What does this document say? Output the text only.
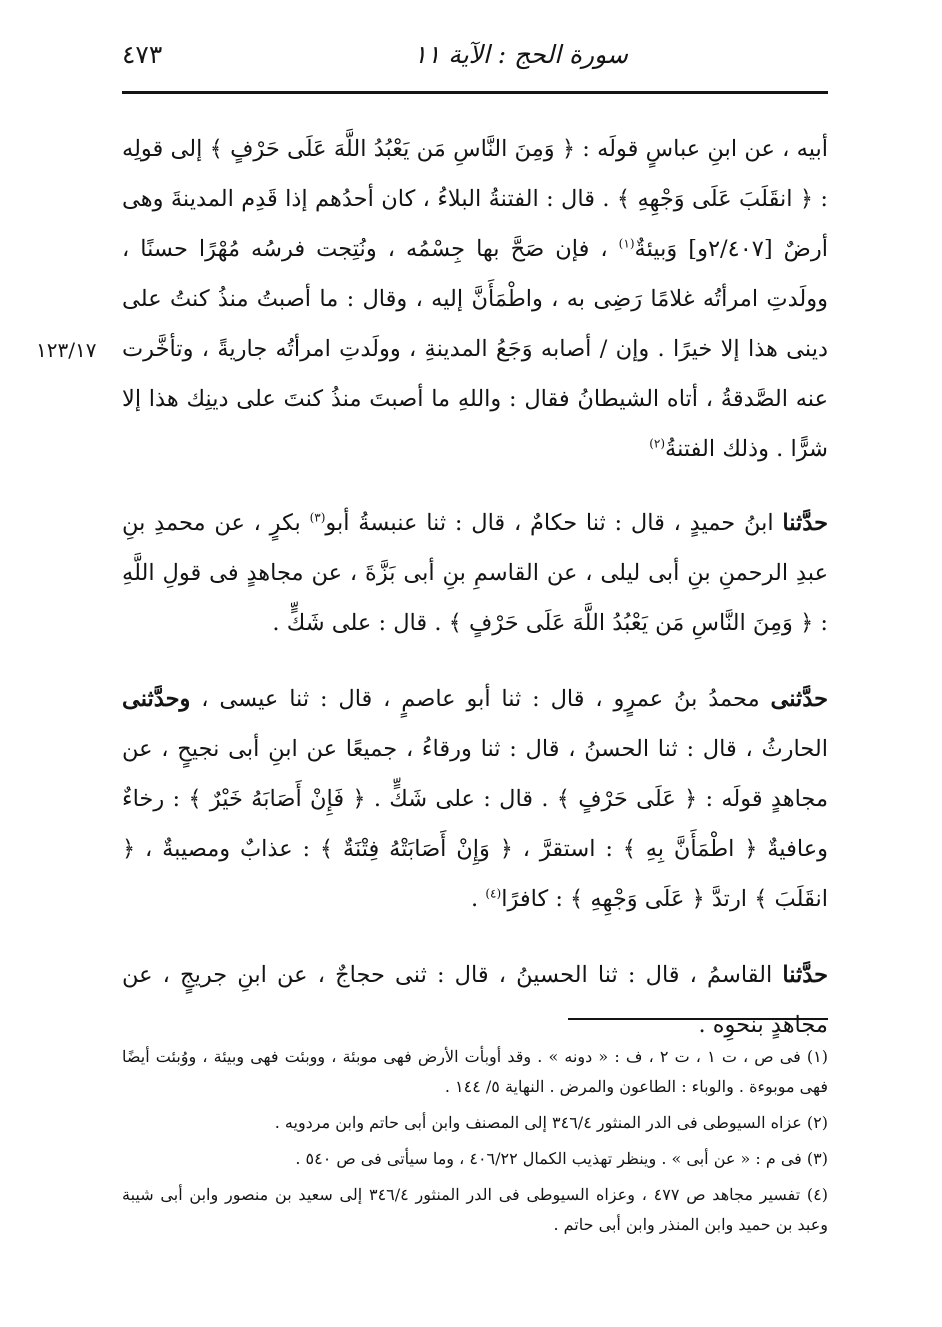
سورة الحج : الآية ١١
٤٧٣
١٢٣/١٧

أبيه ، عن ابنِ عباسٍ قولَه : ﴿ وَمِنَ النَّاسِ مَن يَعْبُدُ اللَّهَ عَلَى حَرْفٍ ﴾ إلى قولِه : ﴿ انقَلَبَ عَلَى وَجْهِهِ ﴾ . قال : الفتنةُ البلاءُ ، كان أحدُهم إذا قَدِم المدينةَ وهى أرضٌ [٢/٤٠٧و] وَبيئةٌ$^{(١)}$ ، فإن صَحَّ بها جِسْمُه ، ونُتِجت فرسُه مُهْرًا حسنًا ، وولَدتِ امرأتُه غلامًا رَضِى به ، واطْمَأَنَّ إليه ، وقال : ما أصبتُ منذُ كنتُ على دينى هذا إلا خيرًا . وإن / أصابه وَجَعُ المدينةِ ، وولَدتِ امرأتُه جاريةً ، وتأخَّرت عنه الصَّدقةُ ، أتاه الشيطانُ فقال : واللهِ ما أصبتَ منذُ كنتَ على دينِك هذا إلا شرًّا . وذلك الفتنةُ$^{(٢)}$

حدَّثنا ابنُ حميدٍ ، قال : ثنا حكامٌ ، قال : ثنا عنبسةُ أبو$^{(٣)}$ بكرٍ ، عن محمدِ بنِ عبدِ الرحمنِ بنِ أبى ليلى ، عن القاسمِ بنِ أبى بَزَّةَ ، عن مجاهدٍ فى قولِ اللَّهِ : ﴿ وَمِنَ النَّاسِ مَن يَعْبُدُ اللَّهَ عَلَى حَرْفٍ ﴾ . قال : على شَكٍّ .

حدَّثنى محمدُ بنُ عمرٍو ، قال : ثنا أبو عاصمٍ ، قال : ثنا عيسى ، وحدَّثنى الحارثُ ، قال : ثنا الحسنُ ، قال : ثنا ورقاءُ ، جميعًا عن ابنِ أبى نجيحٍ ، عن مجاهدٍ قولَه : ﴿ عَلَى حَرْفٍ ﴾ . قال : على شَكٍّ . ﴿ فَإِنْ أَصَابَهُ خَيْرٌ ﴾ : رخاءٌ وعافيةٌ ﴿ اطْمَأَنَّ بِهِ ﴾ : استقرَّ ، ﴿ وَإِنْ أَصَابَتْهُ فِتْنَةٌ ﴾ : عذابٌ ومصيبةٌ ، ﴿ انقَلَبَ ﴾ ارتدَّ ﴿ عَلَى وَجْهِهِ ﴾ : كافرًا$^{(٤)}$ .

حدَّثنا القاسمُ ، قال : ثنا الحسينُ ، قال : ثنى حجاجٌ ، عن ابنِ جريجٍ ، عن مجاهدٍ بنحوِه .

(١) فى ص ، ت ١ ، ت ٢ ، ف : « دونه » . وقد أوبأت الأرض فهى موبئة ، ووبئت فهى وبيئة ، ووُبئت أيضًا فهى موبوءة . والوباء : الطاعون والمرض . النهاية ٥/ ١٤٤ .
(٢) عزاه السيوطى فى الدر المنثور ٣٤٦/٤ إلى المصنف وابن أبى حاتم وابن مردويه .
(٣) فى م : « عن أبى » . وينظر تهذيب الكمال ٤٠٦/٢٢ ، وما سيأتى فى ص ٥٤٠ .
(٤) تفسير مجاهد ص ٤٧٧ ، وعزاه السيوطى فى الدر المنثور ٣٤٦/٤ إلى سعيد بن منصور وابن أبى شيبة وعبد بن حميد وابن المنذر وابن أبى حاتم .
